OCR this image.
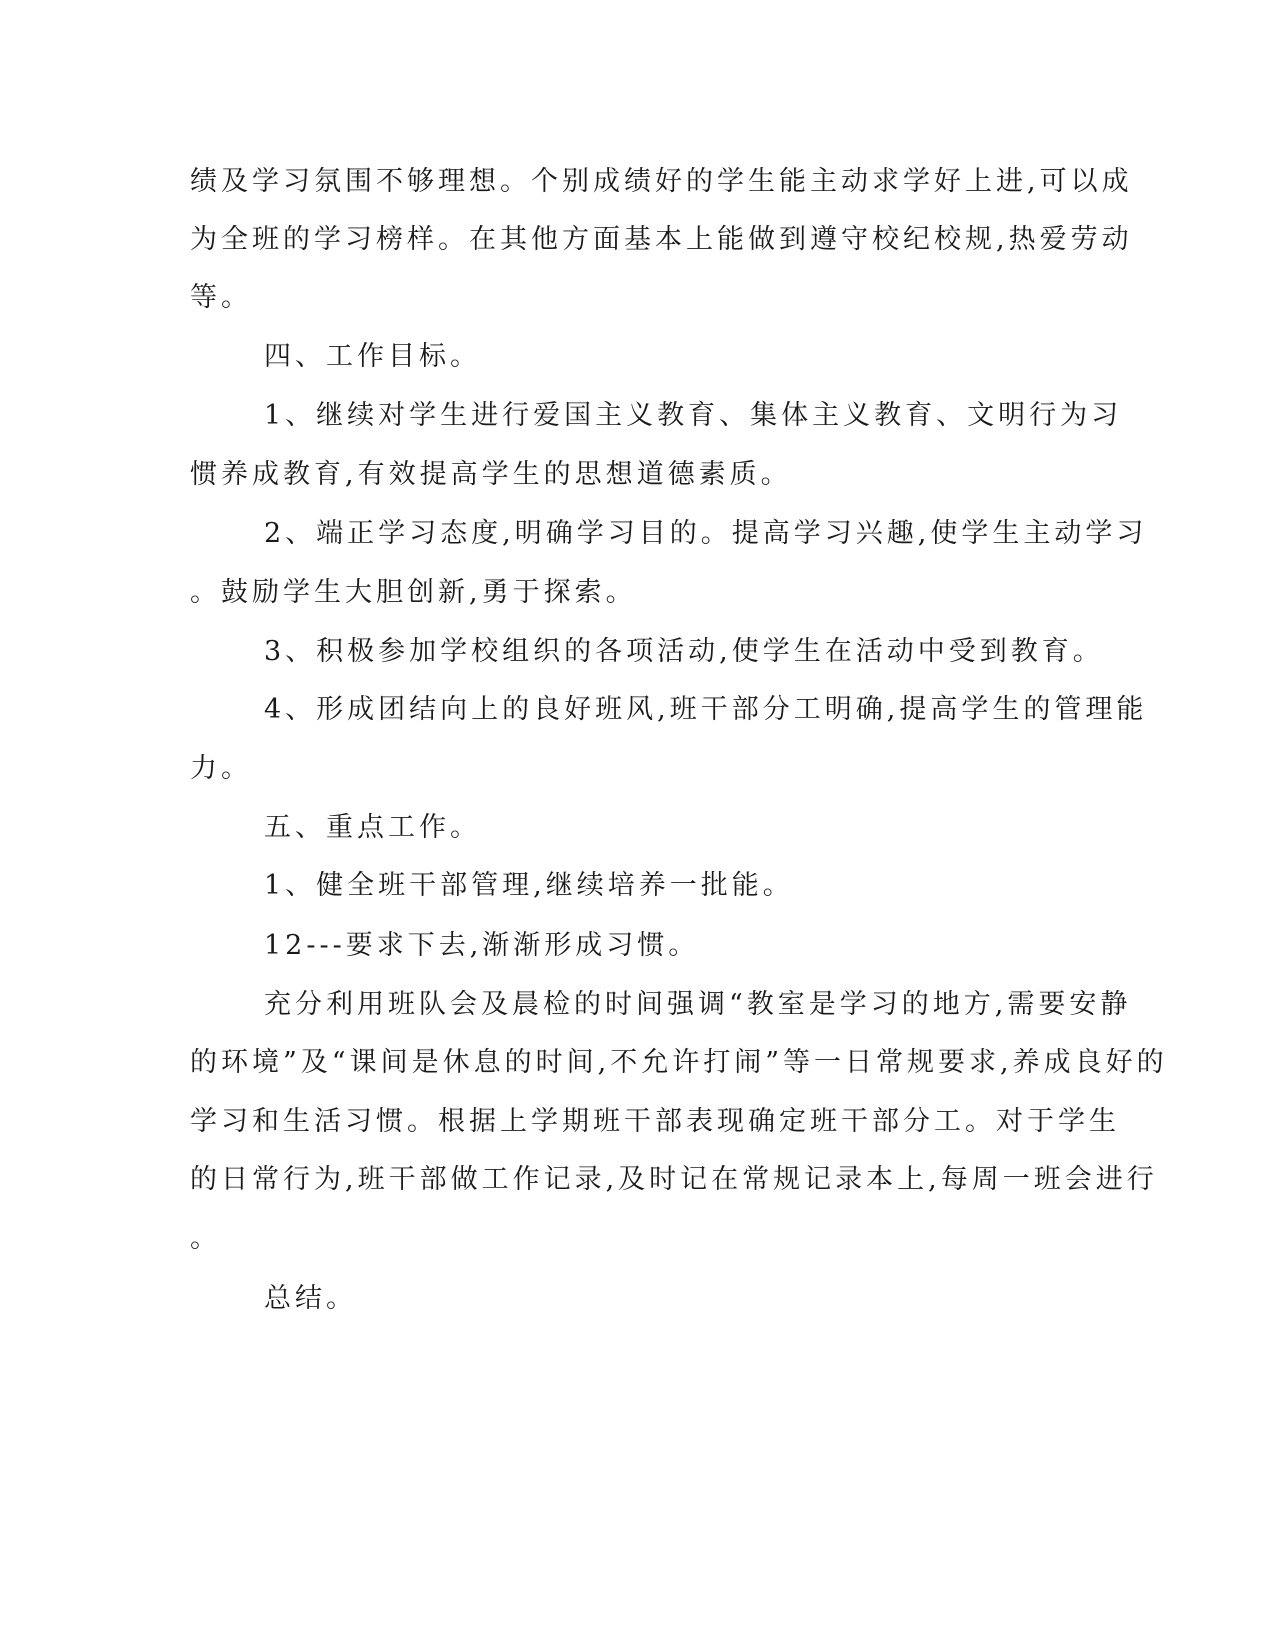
绩及学习氛围不够理想。个别成绩好的学生能主动求学好上进,可以成
为全班的学习榜样。在其他方面基本上能做到遵守校纪校规,热爱劳动
等。
四、工作目标。
1、继续对学生进行爱国主义教育、集体主义教育、文明行为习
惯养成教育,有效提高学生的思想道德素质。
2、端正学习态度,明确学习目的。提高学习兴趣,使学生主动学习
。鼓励学生大胆创新,勇于探索。
3、积极参加学校组织的各项活动,使学生在活动中受到教育。
4、形成团结向上的良好班风,班干部分工明确,提高学生的管理能
力。
五、重点工作。
1、健全班干部管理,继续培养一批能。
12---要求下去,渐渐形成习惯。
充分利用班队会及晨检的时间强调“教室是学习的地方,需要安静
的环境”及“课间是休息的时间,不允许打闹”等一日常规要求,养成良好的
学习和生活习惯。根据上学期班干部表现确定班干部分工。对于学生
的日常行为,班干部做工作记录,及时记在常规记录本上,每周一班会进行
。
总结。
